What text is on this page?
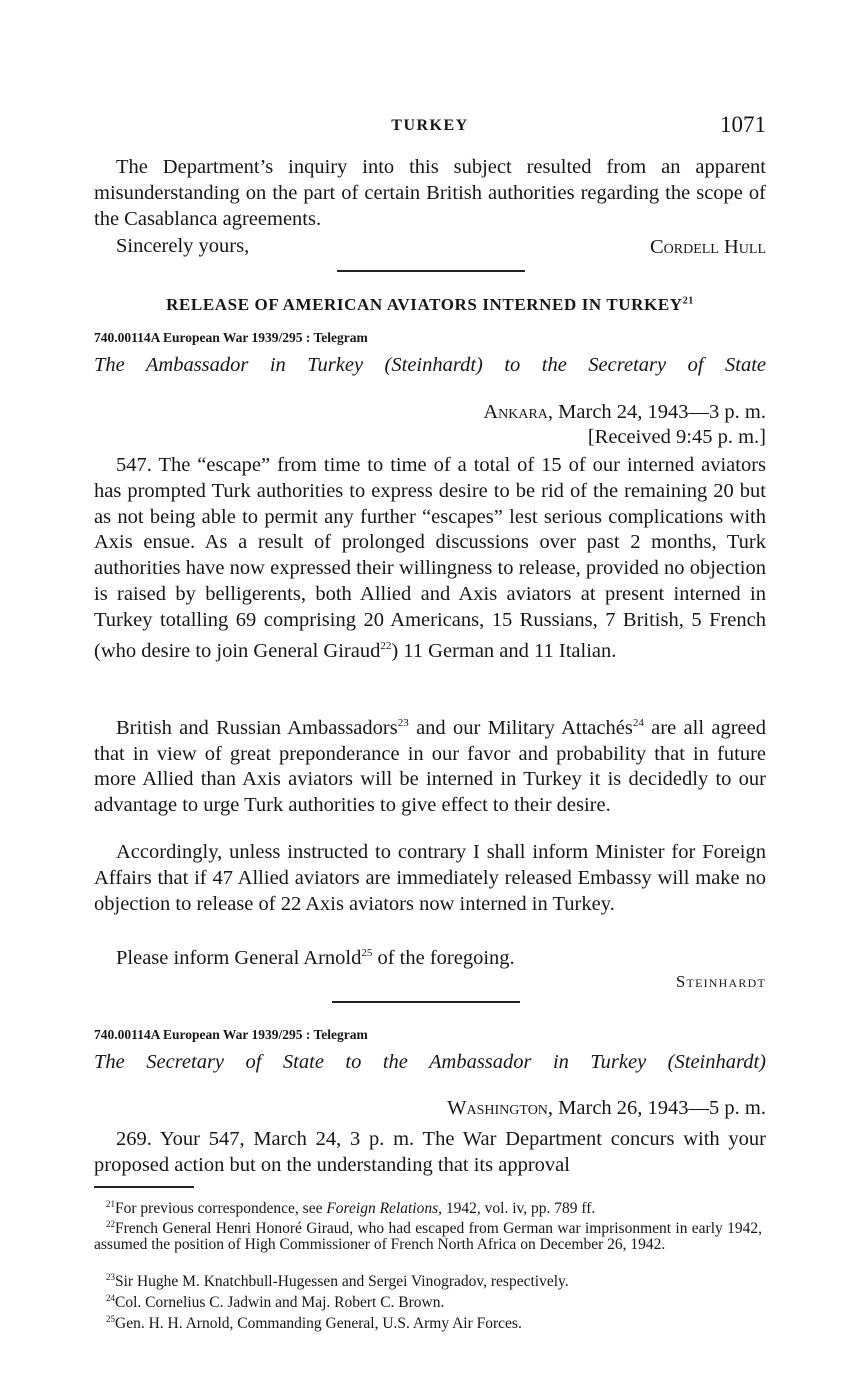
TURKEY	1071

The Department’s inquiry into this subject resulted from an apparent misunderstanding on the part of certain British authorities regarding the scope of the Casablanca agreements.

Sincerely yours,	Cordell Hull
RELEASE OF AMERICAN AVIATORS INTERNED IN TURKEY$^{21}$
740.00114A European War 1939/295 : Telegram
The Ambassador in Turkey (Steinhardt) to the Secretary of State
Ankara, March 24, 1943—3 p. m.
[Received 9:45 p. m.]

547. The “escape” from time to time of a total of 15 of our interned aviators has prompted Turk authorities to express desire to be rid of the remaining 20 but as not being able to permit any further “escapes” lest serious complications with Axis ensue. As a result of prolonged discussions over past 2 months, Turk authorities have now expressed their willingness to release, provided no objection is raised by belligerents, both Allied and Axis aviators at present interned in Turkey totalling 69 comprising 20 Americans, 15 Russians, 7 British, 5 French (who desire to join General Giraud$^{22}$) 11 German and 11 Italian.

British and Russian Ambassadors$^{23}$ and our Military Attachés$^{24}$ are all agreed that in view of great preponderance in our favor and probability that in future more Allied than Axis aviators will be interned in Turkey it is decidedly to our advantage to urge Turk authorities to give effect to their desire.

Accordingly, unless instructed to contrary I shall inform Minister for Foreign Affairs that if 47 Allied aviators are immediately released Embassy will make no objection to release of 22 Axis aviators now interned in Turkey.

Please inform General Arnold$^{25}$ of the foregoing.

Steinhardt
740.00114A European War 1939/295 : Telegram
The Secretary of State to the Ambassador in Turkey (Steinhardt)
Washington, March 26, 1943—5 p. m.

269. Your 547, March 24, 3 p. m. The War Department concurs with your proposed action but on the understanding that its approval

$^{21}$For previous correspondence, see Foreign Relations, 1942, vol. iv, pp. 789 ff.

$^{22}$French General Henri Honoré Giraud, who had escaped from German war imprisonment in early 1942, assumed the position of High Commissioner of French North Africa on December 26, 1942.

$^{23}$Sir Hughe M. Knatchbull-Hugessen and Sergei Vinogradov, respectively.

$^{24}$Col. Cornelius C. Jadwin and Maj. Robert C. Brown.

$^{25}$Gen. H. H. Arnold, Commanding General, U.S. Army Air Forces.
